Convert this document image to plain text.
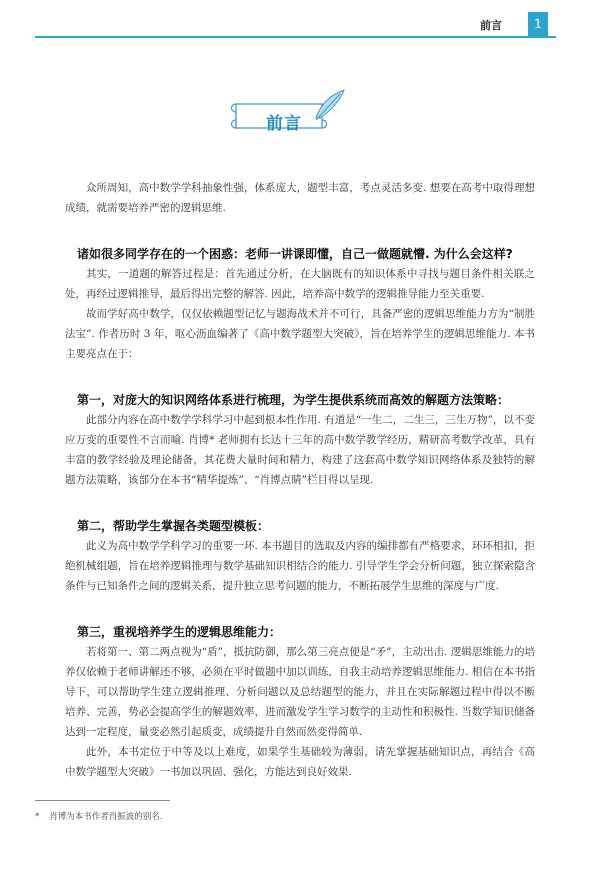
前言	1
前言

众所周知，高中数学学科抽象性强，体系庞大，题型丰富，考点灵活多变. 想要在高考中取得理想成绩，就需要培养严密的逻辑思维.

诸如很多同学存在的一个困惑：老师一讲课即懂，自己一做题就懵. 为什么会这样?

其实，一道题的解答过程是：首先通过分析，在大脑既有的知识体系中寻找与题目条件相关联之处，再经过逻辑推导，最后得出完整的解答. 因此，培养高中数学的逻辑推导能力至关重要.

故而学好高中数学，仅仅依赖题型记忆与题海战术并不可行，具备严密的逻辑思维能力方为“制胜法宝”. 作者历时 3 年，呕心沥血编著了《高中数学题型大突破》，旨在培养学生的逻辑思维能力. 本书主要亮点在于：

第一，对庞大的知识网络体系进行梳理，为学生提供系统而高效的解题方法策略：

此部分内容在高中数学学科学习中起到根本性作用. 有道是“一生二，二生三，三生万物”，以不变应万变的重要性不言而喻. 肖博* 老师拥有长达十三年的高中数学教学经历，精研高考数学改革，具有丰富的教学经验及理论储备，其花费大量时间和精力，构建了这套高中数学知识网络体系及独特的解题方法策略，该部分在本书“精华提炼”、“肖博点睛”栏目得以呈现.

第二，帮助学生掌握各类题型模板：

此义为高中数学学科学习的重要一环. 本书题目的选取及内容的编排都有严格要求，环环相扣，拒绝机械组题，旨在培养逻辑推理与数学基础知识相结合的能力. 引导学生学会分析问题，独立探索隐含条件与已知条件之间的逻辑关系，提升独立思考问题的能力，不断拓展学生思维的深度与广度.

第三，重视培养学生的逻辑思维能力：

若将第一、第二两点视为“盾”，抵抗防御，那么第三亮点便是“矛”，主动出击. 逻辑思维能力的培养仅依赖于老师讲解还不够，必须在平时做题中加以训练，自我主动培养逻辑思维能力. 相信在本书指导下，可以帮助学生建立逻辑推理、分析问题以及总结题型的能力，并且在实际解题过程中得以不断培养、完善，势必会提高学生的解题效率，进而激发学生学习数学的主动性和积极性. 当数学知识储备达到一定程度，量变必然引起质变，成绩提升自然而然变得简单.

此外，本书定位于中等及以上难度，如果学生基础较为薄弱，请先掌握基础知识点，再结合《高中数学题型大突破》一书加以巩固、强化，方能达到良好效果.

* 肖博为本书作者肖振波的别名.
